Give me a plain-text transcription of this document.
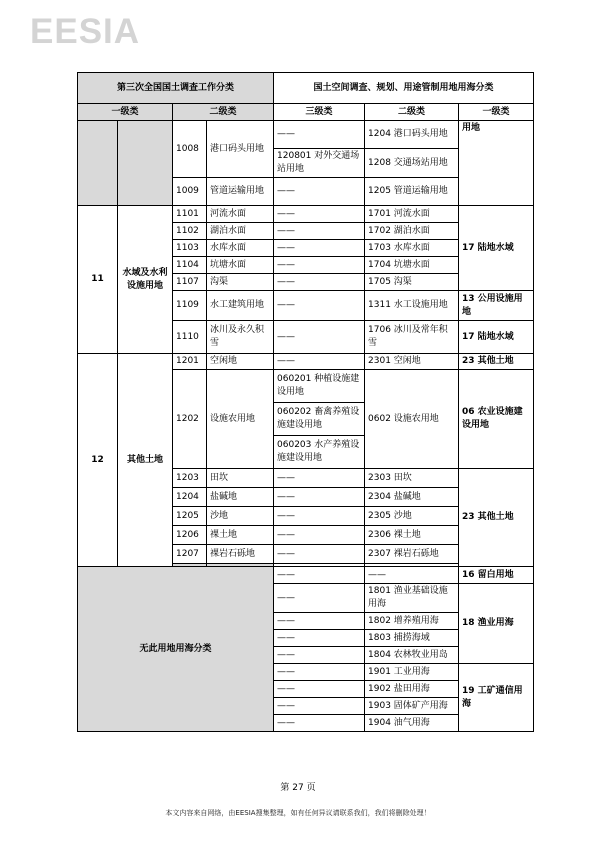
EESIA
第三次全国国土调查工作分类				国土空间调查、规划、用途管制用地用海分类		
一级类		二级类		三级类	二级类	一级类
		1008	港口码头用地	——	1204 港口码头用地	用地
				120801 对外交通场站用地	1208 交通场站用地	
		1009	管道运输用地	——	1205 管道运输用地	
11	水域及水利设施用地	1101	河流水面	——	1701 河流水面	17 陆地水域
		1102	湖泊水面	——	1702 湖泊水面	
		1103	水库水面	——	1703 水库水面	
		1104	坑塘水面	——	1704 坑塘水面	
		1107	沟渠	——	1705 沟渠	
		1109	水工建筑用地	——	1311 水工设施用地	13 公用设施用地
		1110	冰川及永久积雪	——	1706 冰川及常年积雪	17 陆地水域
12	其他土地	1201	空闲地	——	2301 空闲地	23 其他土地
		1202	设施农用地	060201 种植设施建设用地	0602 设施农用地	06 农业设施建设用地
				060202 畜禽养殖设施建设用地		
				060203 水产养殖设施建设用地		
		1203	田坎	——	2303 田坎	23 其他土地
		1204	盐碱地	——	2304 盐碱地	
		1205	沙地	——	2305 沙地	
		1206	裸土地	——	2306 裸土地	
		1207	裸岩石砾地	——	2307 裸岩石砾地	

无此用地用海分类				——	——	16 留白用地
				——	1801 渔业基础设施用海	18 渔业用海
				——	1802 增养殖用海	
				——	1803 捕捞海域	
				——	1804 农林牧业用岛	
				——	1901 工业用海	19 工矿通信用海
				——	1902 盐田用海	
				——	1903 固体矿产用海	
				——	1904 油气用海	
第 27 页
本文内容来自网络，由EESIA搜集整理，如有任何异议请联系我们，我们将删除处理！
